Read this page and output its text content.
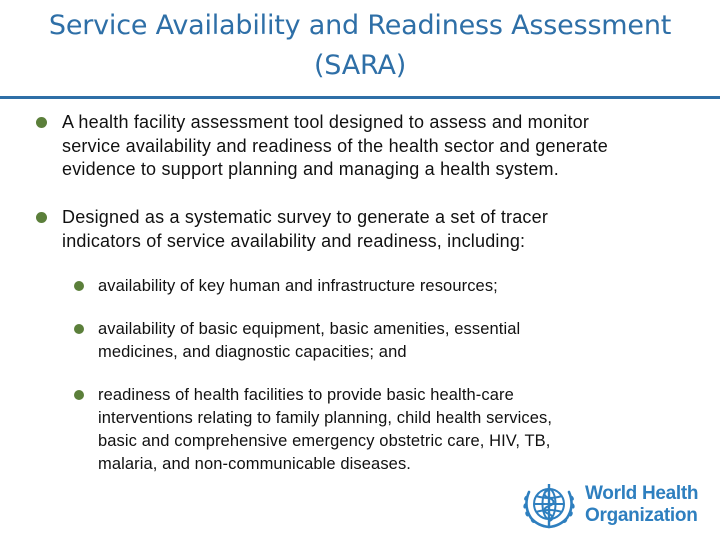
Service Availability and Readiness Assessment
(SARA)
A health facility assessment tool designed to assess and monitor
service availability and readiness of the health sector and generate
evidence to support planning and managing a health system.
Designed as a systematic survey to generate a set of tracer
indicators of service availability and readiness, including:
availability of key human and infrastructure resources;
availability of basic equipment, basic amenities, essential
medicines, and diagnostic capacities; and
readiness of health facilities to provide basic health-care
interventions relating to family planning, child health services,
basic and comprehensive emergency obstetric care, HIV, TB,
malaria, and non-communicable diseases.
World Health
Organization
